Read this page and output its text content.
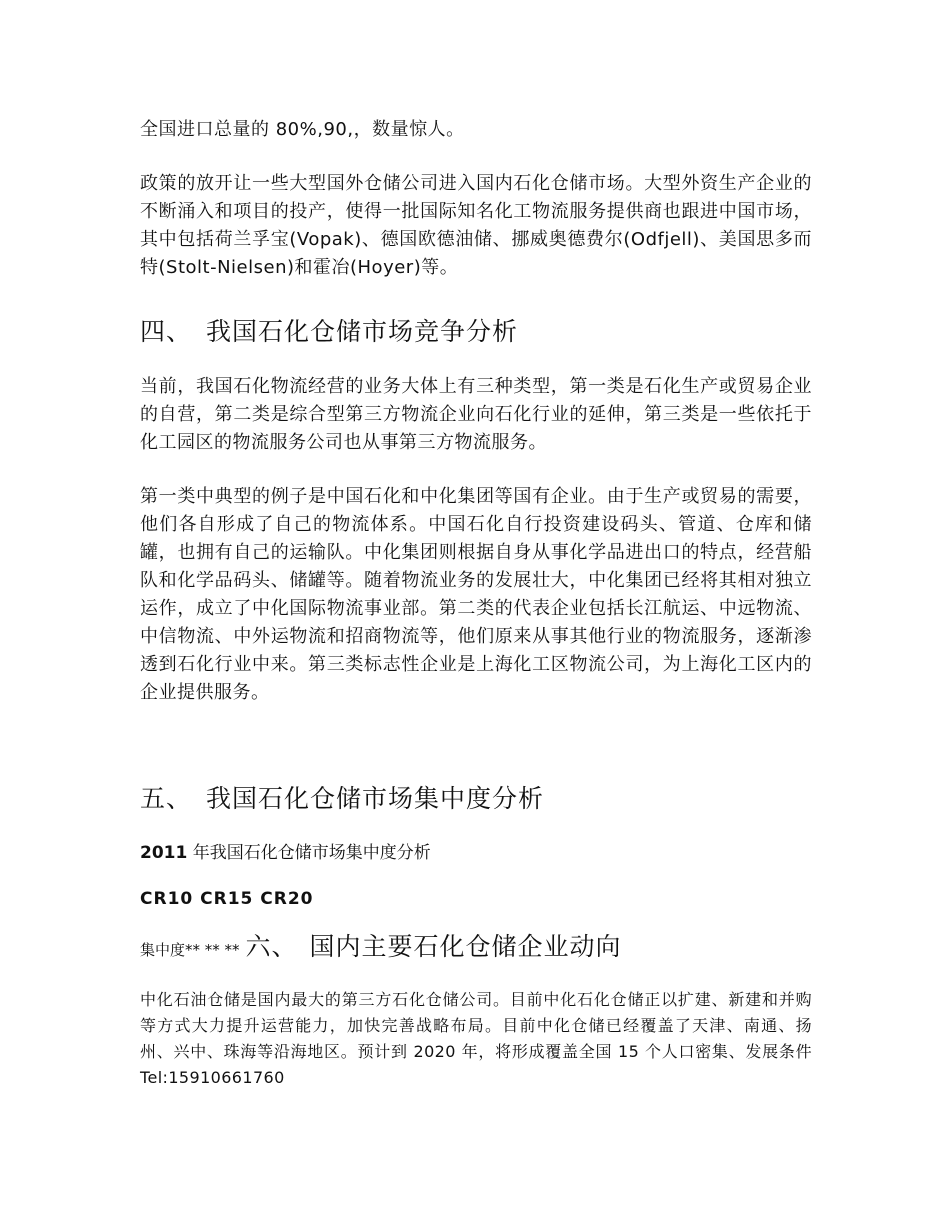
全国进口总量的 80%,90,，数量惊人。

政策的放开让一些大型国外仓储公司进入国内石化仓储市场。大型外资生产企业的不断涌入和项目的投产，使得一批国际知名化工物流服务提供商也跟进中国市场，其中包括荷兰孚宝(Vopak)、德国欧德油储、挪威奥德费尔(Odfjell)、美国思多而特(Stolt-Nielsen)和霍冶(Hoyer)等。

四、 我国石化仓储市场竞争分析

当前，我国石化物流经营的业务大体上有三种类型，第一类是石化生产或贸易企业的自营，第二类是综合型第三方物流企业向石化行业的延伸，第三类是一些依托于化工园区的物流服务公司也从事第三方物流服务。

第一类中典型的例子是中国石化和中化集团等国有企业。由于生产或贸易的需要，他们各自形成了自己的物流体系。中国石化自行投资建设码头、管道、仓库和储罐，也拥有自己的运输队。中化集团则根据自身从事化学品进出口的特点，经营船队和化学品码头、储罐等。随着物流业务的发展壮大，中化集团已经将其相对独立运作，成立了中化国际物流事业部。第二类的代表企业包括长江航运、中远物流、中信物流、中外运物流和招商物流等，他们原来从事其他行业的物流服务，逐渐渗透到石化行业中来。第三类标志性企业是上海化工区物流公司，为上海化工区内的企业提供服务。

五、 我国石化仓储市场集中度分析

2011 年我国石化仓储市场集中度分析

CR10 CR15 CR20

集中度** ** ** 六、 国内主要石化仓储企业动向

中化石油仓储是国内最大的第三方石化仓储公司。目前中化石化仓储正以扩建、新建和并购等方式大力提升运营能力，加快完善战略布局。目前中化仓储已经覆盖了天津、南通、扬州、兴中、珠海等沿海地区。预计到 2020 年，将形成覆盖全国 15 个人口密集、发展条件 Tel:15910661760
